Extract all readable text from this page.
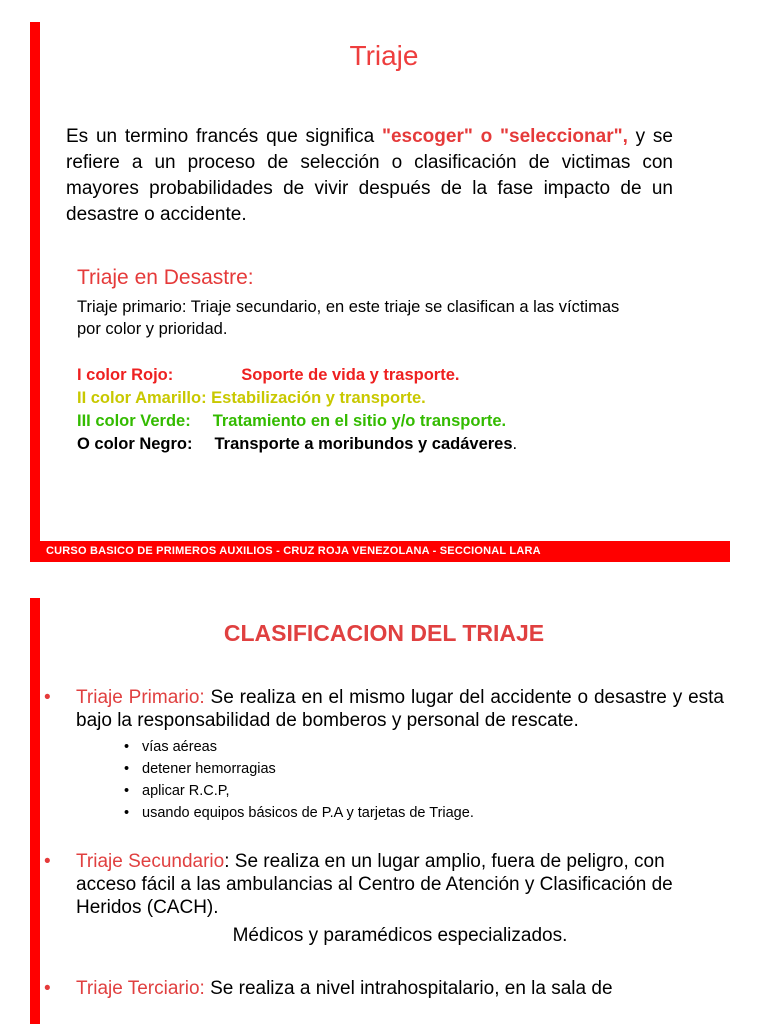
Triaje
Es un termino francés que significa "escoger" o "seleccionar", y se refiere a un proceso de selección o clasificación de victimas con mayores probabilidades de vivir después de la fase impacto de un desastre o accidente.
Triaje en Desastre:
Triaje primario: Triaje secundario, en este triaje se clasifican a las víctimas por color y prioridad.
I color Rojo:	Soporte de vida y trasporte.
II color Amarillo: Estabilización y transporte.
III color Verde: Tratamiento en el sitio y/o transporte.
O color Negro: Transporte a moribundos y cadáveres.
CURSO BASICO DE PRIMEROS AUXILIOS - CRUZ ROJA VENEZOLANA - SECCIONAL LARA
CLASIFICACION DEL TRIAJE
• Triaje Primario: Se realiza en el mismo lugar del accidente o desastre y esta bajo la responsabilidad de bomberos y personal de rescate.
• vías aéreas
• detener hemorragias
• aplicar R.C.P,
• usando equipos básicos de P.A y tarjetas de Triage.
• Triaje Secundario: Se realiza en un lugar amplio, fuera de peligro, con acceso fácil a las ambulancias al Centro de Atención y Clasificación de Heridos (CACH).
Médicos y paramédicos especializados.
• Triaje Terciario: Se realiza a nivel intrahospitalario, en la sala de
